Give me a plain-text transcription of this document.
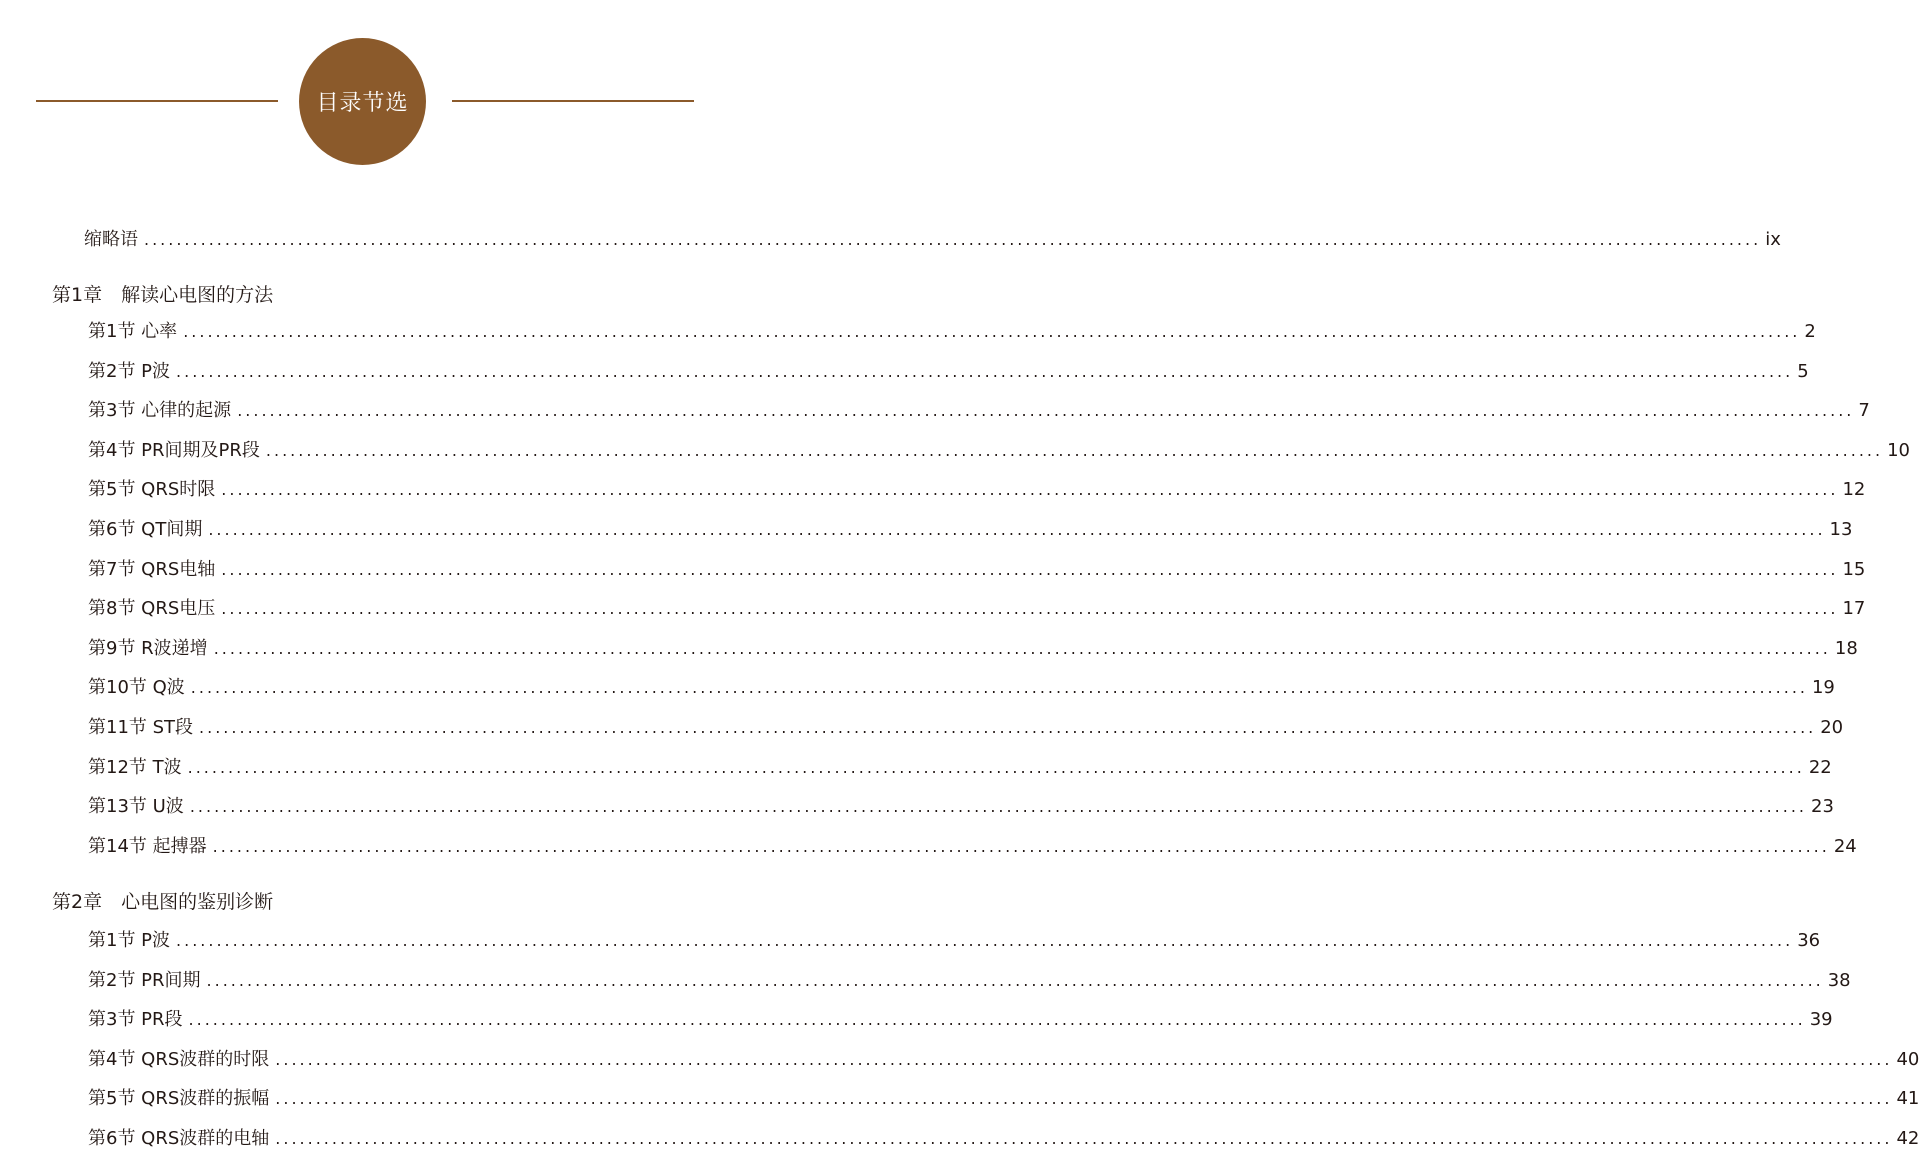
目录节选
缩略语 ........................................................................................................................................................................................................ ix
第1章　解读心电图的方法
第1节 心率 ........................................................................................................................................................................................................ 2
第2节 P波 ........................................................................................................................................................................................................ 5
第3节 心律的起源 ........................................................................................................................................................................................................ 7
第4节 PR间期及PR段 ........................................................................................................................................................................................................ 10
第5节 QRS时限 ........................................................................................................................................................................................................ 12
第6节 QT间期 ........................................................................................................................................................................................................ 13
第7节 QRS电轴 ........................................................................................................................................................................................................ 15
第8节 QRS电压 ........................................................................................................................................................................................................ 17
第9节 R波递增 ........................................................................................................................................................................................................ 18
第10节 Q波 ........................................................................................................................................................................................................ 19
第11节 ST段 ........................................................................................................................................................................................................ 20
第12节 T波 ........................................................................................................................................................................................................ 22
第13节 U波 ........................................................................................................................................................................................................ 23
第14节 起搏器 ........................................................................................................................................................................................................ 24
第2章　心电图的鉴别诊断
第1节 P波 ........................................................................................................................................................................................................ 36
第2节 PR间期 ........................................................................................................................................................................................................ 38
第3节 PR段 ........................................................................................................................................................................................................ 39
第4节 QRS波群的时限 ........................................................................................................................................................................................................ 40
第5节 QRS波群的振幅 ........................................................................................................................................................................................................ 41
第6节 QRS波群的电轴 ........................................................................................................................................................................................................ 42
